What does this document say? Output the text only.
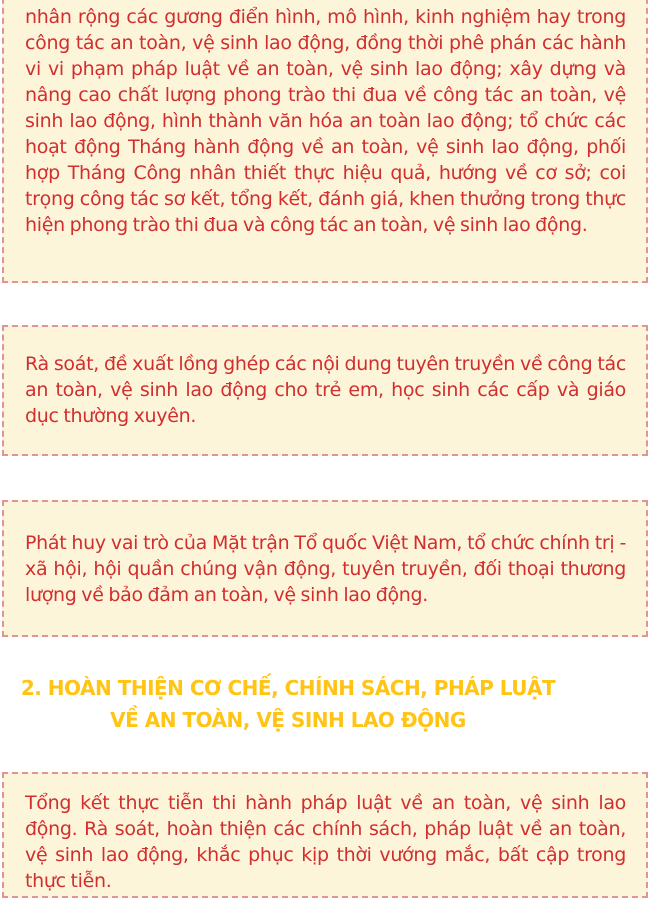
nhân rộng các gương điển hình, mô hình, kinh nghiệm hay trong công tác an toàn, vệ sinh lao động, đồng thời phê phán các hành vi vi phạm pháp luật về an toàn, vệ sinh lao động; xây dựng và nâng cao chất lượng phong trào thi đua về công tác an toàn, vệ sinh lao động, hình thành văn hóa an toàn lao động; tổ chức các hoạt động Tháng hành động về an toàn, vệ sinh lao động, phối hợp Tháng Công nhân thiết thực hiệu quả, hướng về cơ sở; coi trọng công tác sơ kết, tổng kết, đánh giá, khen thưởng trong thực hiện phong trào thi đua và công tác an toàn, vệ sinh lao động.

Rà soát, đề xuất lồng ghép các nội dung tuyên truyền về công tác an toàn, vệ sinh lao động cho trẻ em, học sinh các cấp và giáo dục thường xuyên.

Phát huy vai trò của Mặt trận Tổ quốc Việt Nam, tổ chức chính trị - xã hội, hội quần chúng vận động, tuyên truyền, đối thoại thương lượng về bảo đảm an toàn, vệ sinh lao động.

2. HOÀN THIỆN CƠ CHẾ, CHÍNH SÁCH, PHÁP LUẬT
VỀ AN TOÀN, VỆ SINH LAO ĐỘNG

Tổng kết thực tiễn thi hành pháp luật về an toàn, vệ sinh lao động. Rà soát, hoàn thiện các chính sách, pháp luật về an toàn, vệ sinh lao động, khắc phục kịp thời vướng mắc, bất cập trong thực tiễn.
